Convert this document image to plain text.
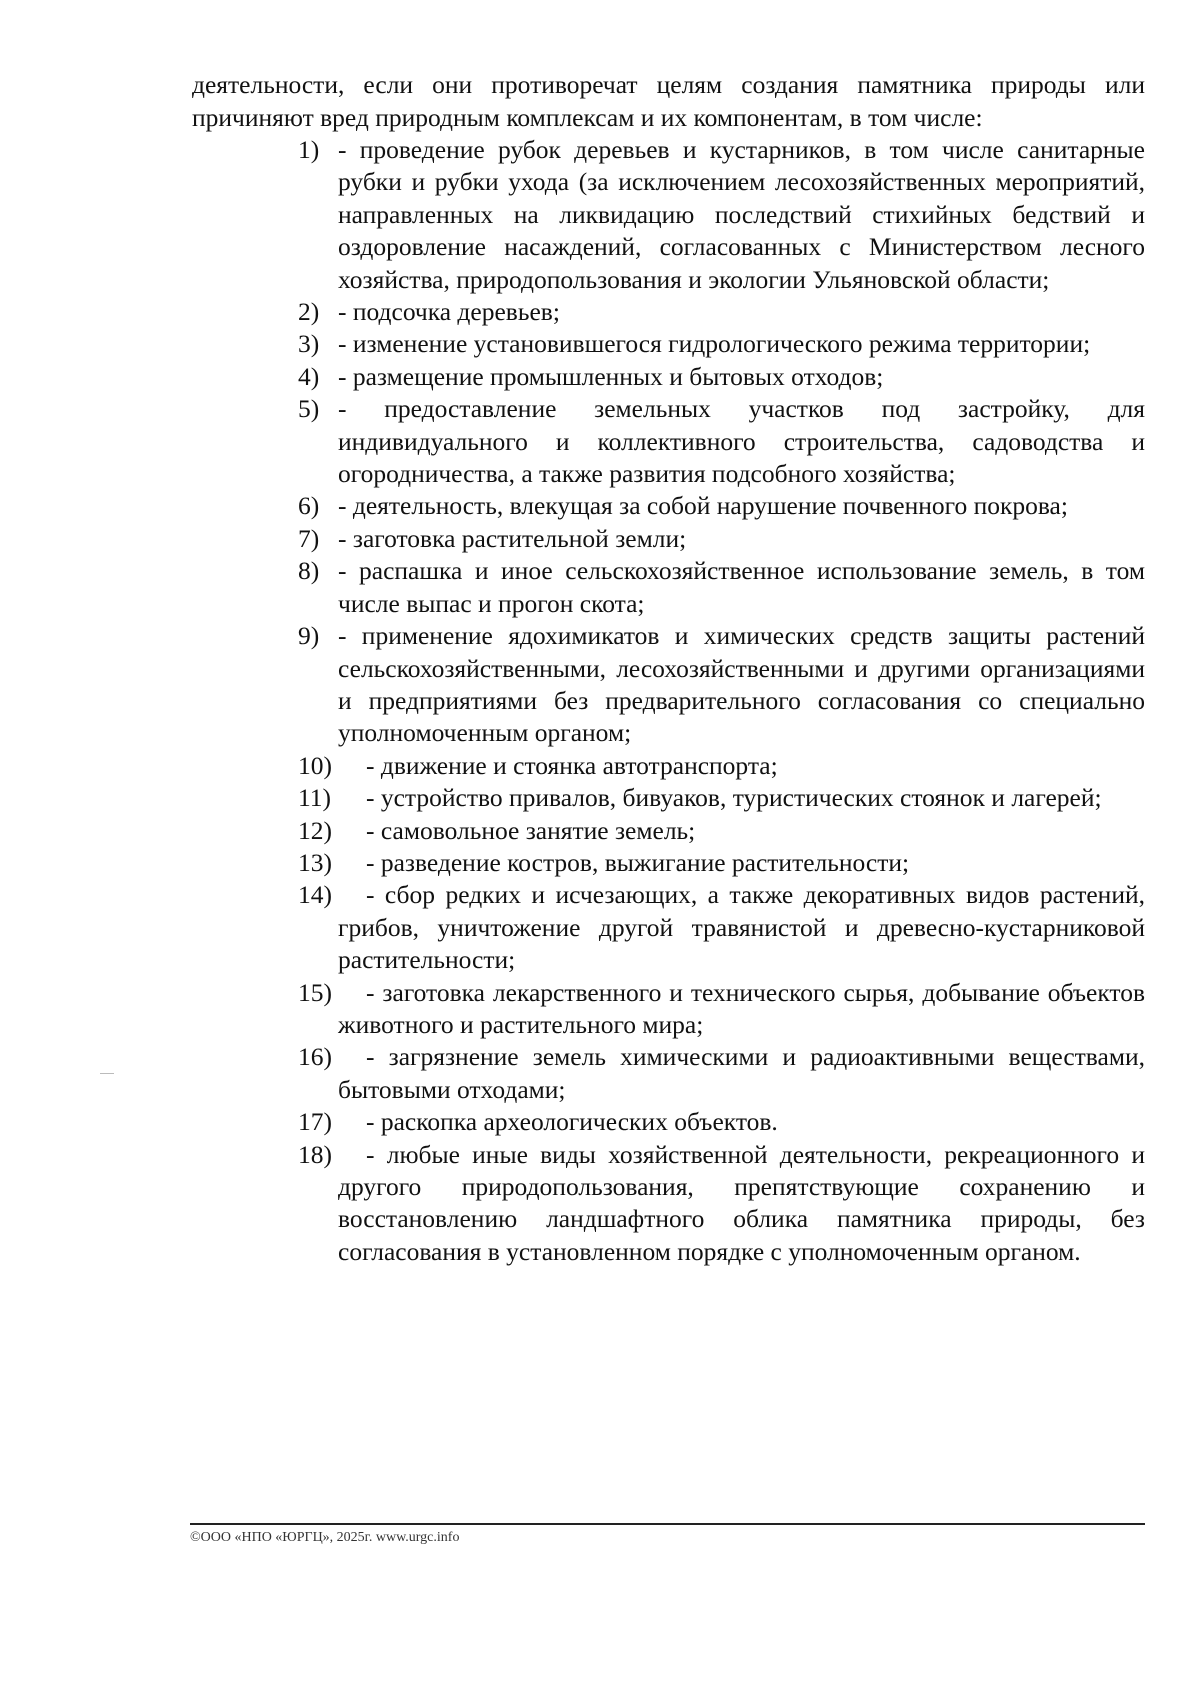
деятельности, если они противоречат целям создания памятника природы или причиняют вред природным комплексам и их компонентам, в том числе:

1) - проведение рубок деревьев и кустарников, в том числе санитарные рубки и рубки ухода (за исключением лесохозяйственных мероприятий, направленных на ликвидацию последствий стихийных бедствий и оздоровление насаждений, согласованных с Министерством лесного хозяйства, природопользования и экологии Ульяновской области;
2) - подсочка деревьев;
3) - изменение установившегося гидрологического режима территории;
4) - размещение промышленных и бытовых отходов;
5) - предоставление земельных участков под застройку, для индивидуального и коллективного строительства, садоводства и огородничества, а также развития подсобного хозяйства;
6) - деятельность, влекущая за собой нарушение почвенного покрова;
7) - заготовка растительной земли;
8) - распашка и иное сельскохозяйственное использование земель, в том числе выпас и прогон скота;
9) - применение ядохимикатов и химических средств защиты растений сельскохозяйственными, лесохозяйственными и другими организациями и предприятиями без предварительного согласования со специально уполномоченным органом;
10)	- движение и стоянка автотранспорта;
11)	- устройство привалов, бивуаков, туристических стоянок и лагерей;
12)	- самовольное занятие земель;
13)	- разведение костров, выжигание растительности;
14)	- сбор редких и исчезающих, а также декоративных видов растений, грибов, уничтожение другой травянистой и древесно-кустарниковой растительности;
15)	- заготовка лекарственного и технического сырья, добывание объектов животного и растительного мира;
16)	- загрязнение земель химическими и радиоактивными веществами, бытовыми отходами;
17)	- раскопка археологических объектов.
18)	- любые иные виды хозяйственной деятельности, рекреационного и другого природопользования, препятствующие сохранению и восстановлению ландшафтного облика памятника природы, без согласования в установленном порядке с уполномоченным органом.
©ООО «НПО «ЮРГЦ», 2025г. www.urgc.info
